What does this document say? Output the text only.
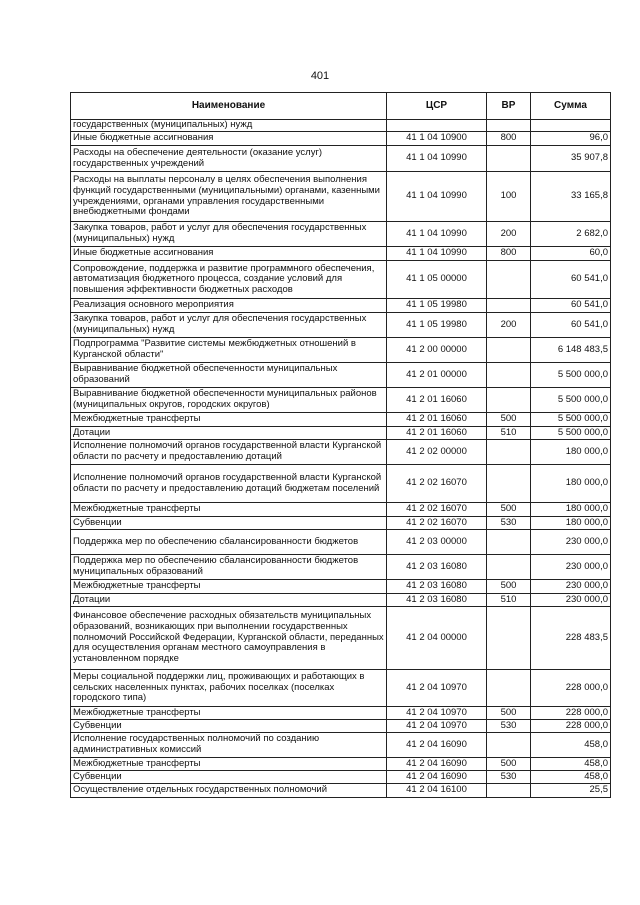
401
Наименование	ЦСР	ВР	Сумма
государственных (муниципальных) нужд			
Иные бюджетные ассигнования	41 1 04 10900	800	96,0
Расходы на обеспечение деятельности (оказание услуг) государственных учреждений	41 1 04 10990		35 907,8
Расходы на выплаты персоналу в целях обеспечения выполнения функций государственными (муниципальными) органами, казенными учреждениями, органами управления государственными внебюджетными фондами	41 1 04 10990	100	33 165,8
Закупка товаров, работ и услуг для обеспечения государственных (муниципальных) нужд	41 1 04 10990	200	2 682,0
Иные бюджетные ассигнования	41 1 04 10990	800	60,0
Сопровождение, поддержка и развитие программного обеспечения, автоматизация бюджетного процесса, создание условий для повышения эффективности бюджетных расходов	41 1 05 00000		60 541,0
Реализация основного мероприятия	41 1 05 19980		60 541,0
Закупка товаров, работ и услуг для обеспечения государственных (муниципальных) нужд	41 1 05 19980	200	60 541,0
Подпрограмма "Развитие системы межбюджетных отношений в Курганской области"	41 2 00 00000		6 148 483,5
Выравнивание бюджетной обеспеченности муниципальных образований	41 2 01 00000		5 500 000,0
Выравнивание бюджетной обеспеченности муниципальных районов (муниципальных округов, городских округов)	41 2 01 16060		5 500 000,0
Межбюджетные трансферты	41 2 01 16060	500	5 500 000,0
Дотации	41 2 01 16060	510	5 500 000,0
Исполнение полномочий органов государственной власти Курганской области по расчету и предоставлению дотаций	41 2 02 00000		180 000,0
Исполнение полномочий органов государственной власти Курганской области по расчету и предоставлению дотаций бюджетам поселений	41 2 02 16070		180 000,0
Межбюджетные трансферты	41 2 02 16070	500	180 000,0
Субвенции	41 2 02 16070	530	180 000,0
Поддержка мер по обеспечению сбалансированности бюджетов	41 2 03 00000		230 000,0
Поддержка мер по обеспечению сбалансированности бюджетов муниципальных образований	41 2 03 16080		230 000,0
Межбюджетные трансферты	41 2 03 16080	500	230 000,0
Дотации	41 2 03 16080	510	230 000,0
Финансовое обеспечение расходных обязательств муниципальных образований, возникающих при выполнении государственных полномочий Российской Федерации, Курганской области, переданных для осуществления органам местного самоуправления в установленном порядке	41 2 04 00000		228 483,5
Меры социальной поддержки лиц, проживающих и работающих в сельских населенных пунктах, рабочих поселках (поселках городского типа)	41 2 04 10970		228 000,0
Межбюджетные трансферты	41 2 04 10970	500	228 000,0
Субвенции	41 2 04 10970	530	228 000,0
Исполнение государственных полномочий по созданию административных комиссий	41 2 04 16090		458,0
Межбюджетные трансферты	41 2 04 16090	500	458,0
Субвенции	41 2 04 16090	530	458,0
Осуществление отдельных государственных полномочий	41 2 04 16100		25,5
